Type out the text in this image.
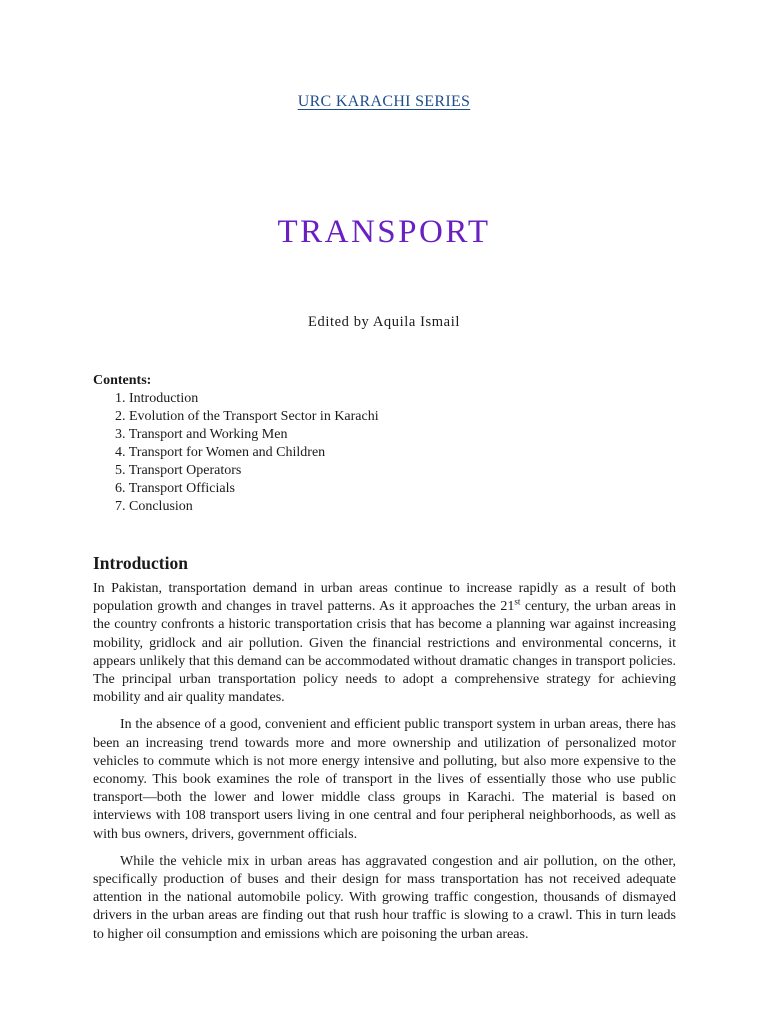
URC KARACHI SERIES
TRANSPORT
Edited by Aquila Ismail
Contents:
1. Introduction
2. Evolution of the Transport Sector in Karachi
3. Transport and Working Men
4. Transport for Women and Children
5. Transport Operators
6. Transport Officials
7. Conclusion
Introduction

In Pakistan, transportation demand in urban areas continue to increase rapidly as a result of both population growth and changes in travel patterns. As it approaches the 21st century, the urban areas in the country confronts a historic transportation crisis that has become a planning war against increasing mobility, gridlock and air pollution. Given the financial restrictions and environmental concerns, it appears unlikely that this demand can be accommodated without dramatic changes in transport policies. The principal urban transportation policy needs to adopt a comprehensive strategy for achieving mobility and air quality mandates.

In the absence of a good, convenient and efficient public transport system in urban areas, there has been an increasing trend towards more and more ownership and utilization of personalized motor vehicles to commute which is not more energy intensive and polluting, but also more expensive to the economy. This book examines the role of transport in the lives of essentially those who use public transport—both the lower and lower middle class groups in Karachi. The material is based on interviews with 108 transport users living in one central and four peripheral neighborhoods, as well as with bus owners, drivers, government officials.

While the vehicle mix in urban areas has aggravated congestion and air pollution, on the other, specifically production of buses and their design for mass transportation has not received adequate attention in the national automobile policy. With growing traffic congestion, thousands of dismayed drivers in the urban areas are finding out that rush hour traffic is slowing to a crawl. This in turn leads to higher oil consumption and emissions which are poisoning the urban areas.
